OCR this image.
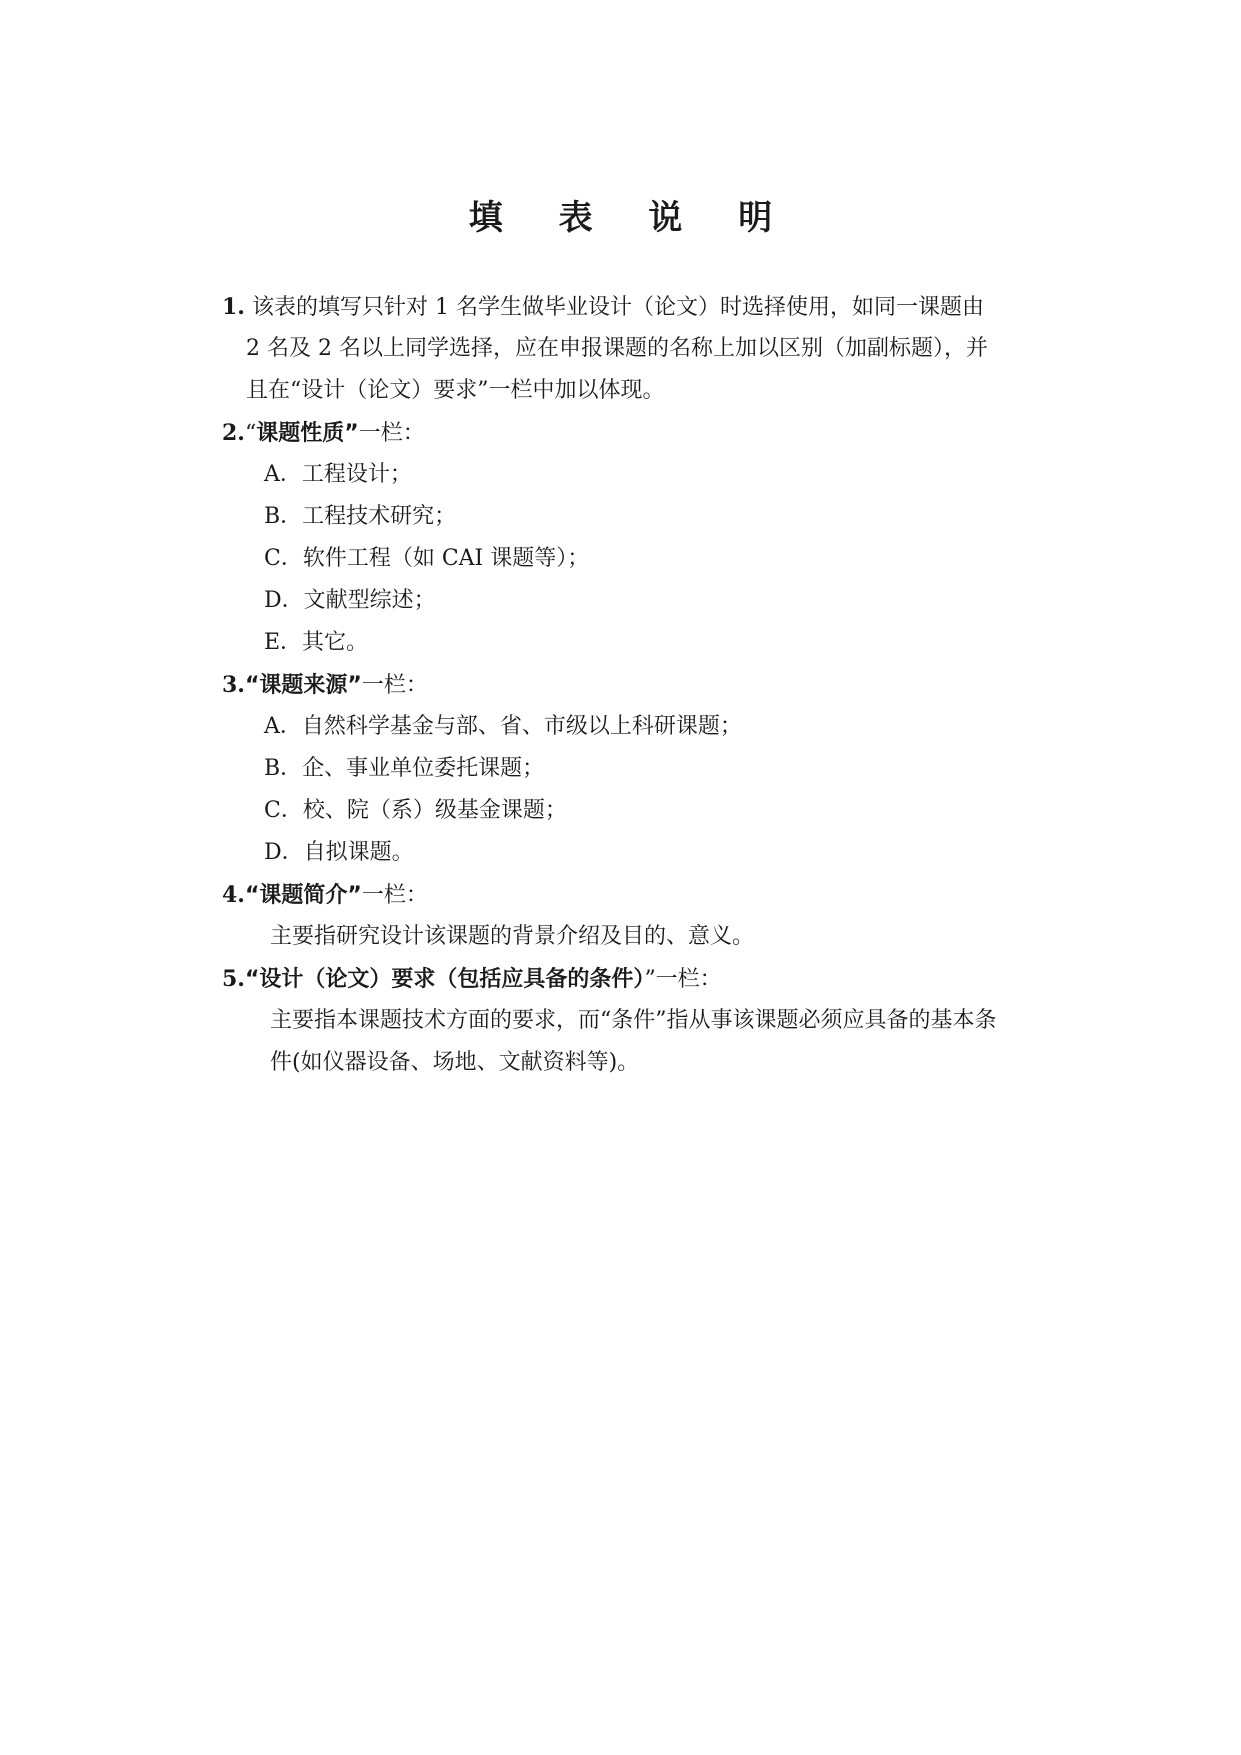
填 表 说 明
1. 该表的填写只针对 1 名学生做毕业设计（论文）时选择使用，如同一课题由
2 名及 2 名以上同学选择，应在申报课题的名称上加以区别（加副标题），并
且在“设计（论文）要求”一栏中加以体现。
2.“课题性质”一栏：
A．工程设计；
B．工程技术研究；
C．软件工程（如 CAI 课题等）；
D．文献型综述；
E．其它。
3.“课题来源”一栏：
A．自然科学基金与部、省、市级以上科研课题；
B．企、事业单位委托课题；
C．校、院（系）级基金课题；
D．自拟课题。
4.“课题简介”一栏：
主要指研究设计该课题的背景介绍及目的、意义。
5.“设计（论文）要求（包括应具备的条件）”一栏：
主要指本课题技术方面的要求，而“条件”指从事该课题必须应具备的基本条
件(如仪器设备、场地、文献资料等)。
